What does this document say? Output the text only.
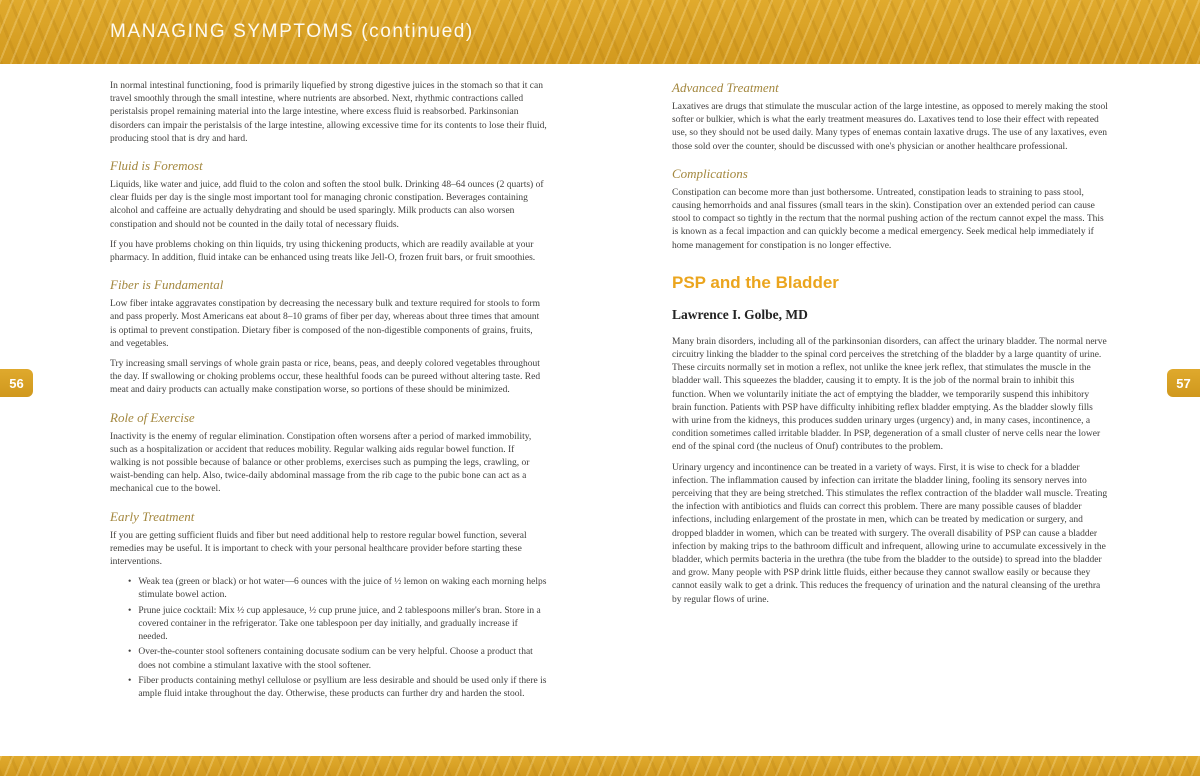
MANAGING SYMPTOMS (continued)

In normal intestinal functioning, food is primarily liquefied by strong digestive juices in the stomach so that it can travel smoothly through the small intestine, where nutrients are absorbed. Next, rhythmic contractions called peristalsis propel remaining material into the large intestine, where excess fluid is reabsorbed. Parkinsonian disorders can impair the peristalsis of the large intestine, allowing excessive time for its contents to lose their fluid, producing stool that is dry and hard.

Fluid is Foremost

Liquids, like water and juice, add fluid to the colon and soften the stool bulk. Drinking 48–64 ounces (2 quarts) of clear fluids per day is the single most important tool for managing chronic constipation. Beverages containing alcohol and caffeine are actually dehydrating and should be used sparingly. Milk products can also worsen constipation and should not be counted in the daily total of necessary fluids.

If you have problems choking on thin liquids, try using thickening products, which are readily available at your pharmacy. In addition, fluid intake can be enhanced using treats like Jell-O, frozen fruit bars, or fruit smoothies.

Fiber is Fundamental

Low fiber intake aggravates constipation by decreasing the necessary bulk and texture required for stools to form and pass properly. Most Americans eat about 8–10 grams of fiber per day, whereas about three times that amount is optimal to prevent constipation. Dietary fiber is composed of the non-digestible components of grains, fruits, and vegetables.

Try increasing small servings of whole grain pasta or rice, beans, peas, and deeply colored vegetables throughout the day. If swallowing or choking problems occur, these healthful foods can be pureed without altering taste. Red meat and dairy products can actually make constipation worse, so portions of these should be minimized.

Role of Exercise

Inactivity is the enemy of regular elimination. Constipation often worsens after a period of marked immobility, such as a hospitalization or accident that reduces mobility. Regular walking aids regular bowel function. If walking is not possible because of balance or other problems, exercises such as pumping the legs, crawling, or waist-bending can help. Also, twice-daily abdominal massage from the rib cage to the pubic bone can act as a mechanical cue to the bowel.

Early Treatment

If you are getting sufficient fluids and fiber but need additional help to restore regular bowel function, several remedies may be useful. It is important to check with your personal healthcare provider before starting these interventions.

• Weak tea (green or black) or hot water—6 ounces with the juice of ½ lemon on waking each morning helps stimulate bowel action.
• Prune juice cocktail: Mix ½ cup applesauce, ½ cup prune juice, and 2 tablespoons miller's bran. Store in a covered container in the refrigerator. Take one tablespoon per day initially, and gradually increase if needed.
• Over-the-counter stool softeners containing docusate sodium can be very helpful. Choose a product that does not combine a stimulant laxative with the stool softener.
• Fiber products containing methyl cellulose or psyllium are less desirable and should be used only if there is ample fluid intake throughout the day. Otherwise, these products can further dry and harden the stool.
Advanced Treatment

Laxatives are drugs that stimulate the muscular action of the large intestine, as opposed to merely making the stool softer or bulkier, which is what the early treatment measures do. Laxatives tend to lose their effect with repeated use, so they should not be used daily. Many types of enemas contain laxative drugs. The use of any laxatives, even those sold over the counter, should be discussed with one's physician or another healthcare professional.

Complications

Constipation can become more than just bothersome. Untreated, constipation leads to straining to pass stool, causing hemorrhoids and anal fissures (small tears in the skin). Constipation over an extended period can cause stool to compact so tightly in the rectum that the normal pushing action of the rectum cannot expel the mass. This is known as a fecal impaction and can quickly become a medical emergency. Seek medical help immediately if home management for constipation is no longer effective.

PSP and the Bladder
Lawrence I. Golbe, MD

Many brain disorders, including all of the parkinsonian disorders, can affect the urinary bladder. The normal nerve circuitry linking the bladder to the spinal cord perceives the stretching of the bladder by a large quantity of urine. These circuits normally set in motion a reflex, not unlike the knee jerk reflex, that stimulates the muscle in the bladder wall. This squeezes the bladder, causing it to empty. It is the job of the normal brain to inhibit this function. When we voluntarily initiate the act of emptying the bladder, we temporarily suspend this inhibitory brain function. Patients with PSP have difficulty inhibiting reflex bladder emptying. As the bladder slowly fills with urine from the kidneys, this produces sudden urinary urges (urgency) and, in many cases, incontinence, a condition sometimes called irritable bladder. In PSP, degeneration of a small cluster of nerve cells near the lower end of the spinal cord (the nucleus of Onuf) contributes to the problem.

Urinary urgency and incontinence can be treated in a variety of ways. First, it is wise to check for a bladder infection. The inflammation caused by infection can irritate the bladder lining, fooling its sensory nerves into perceiving that they are being stretched. This stimulates the reflex contraction of the bladder wall muscle. Treating the infection with antibiotics and fluids can correct this problem. There are many possible causes of bladder infections, including enlargement of the prostate in men, which can be treated by medication or surgery, and dropped bladder in women, which can be treated with surgery. The overall disability of PSP can cause a bladder infection by making trips to the bathroom difficult and infrequent, allowing urine to accumulate excessively in the bladder, which permits bacteria in the urethra (the tube from the bladder to the outside) to spread into the bladder and grow. Many people with PSP drink little fluids, either because they cannot swallow easily or because they cannot easily walk to get a drink. This reduces the frequency of urination and the natural cleansing of the urethra by regular flows of urine.

56	57
